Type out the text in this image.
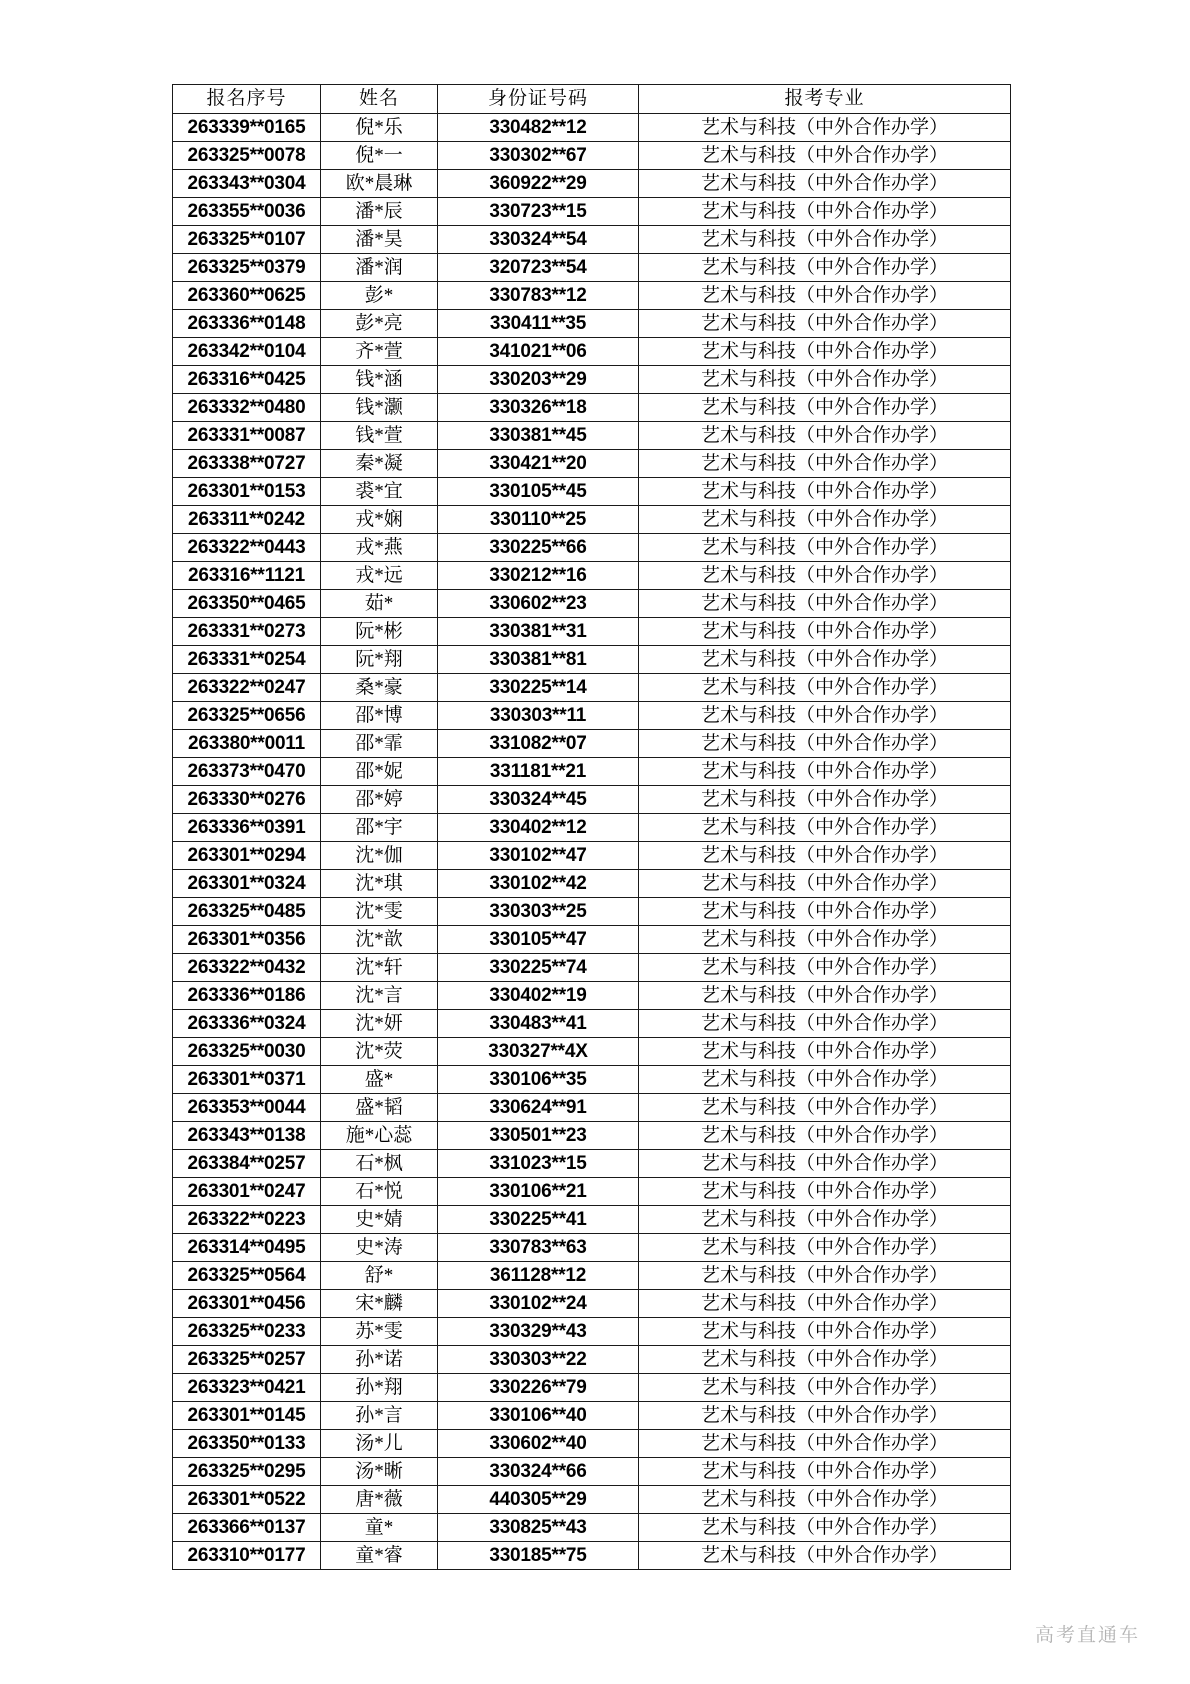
报名序号	姓名	身份证号码	报考专业
263339**0165	倪*乐	330482**12	艺术与科技（中外合作办学）
263325**0078	倪*一	330302**67	艺术与科技（中外合作办学）
263343**0304	欧*晨琳	360922**29	艺术与科技（中外合作办学）
263355**0036	潘*辰	330723**15	艺术与科技（中外合作办学）
263325**0107	潘*昊	330324**54	艺术与科技（中外合作办学）
263325**0379	潘*润	320723**54	艺术与科技（中外合作办学）
263360**0625	彭*	330783**12	艺术与科技（中外合作办学）
263336**0148	彭*亮	330411**35	艺术与科技（中外合作办学）
263342**0104	齐*萱	341021**06	艺术与科技（中外合作办学）
263316**0425	钱*涵	330203**29	艺术与科技（中外合作办学）
263332**0480	钱*灏	330326**18	艺术与科技（中外合作办学）
263331**0087	钱*萱	330381**45	艺术与科技（中外合作办学）
263338**0727	秦*凝	330421**20	艺术与科技（中外合作办学）
263301**0153	裘*宜	330105**45	艺术与科技（中外合作办学）
263311**0242	戎*娴	330110**25	艺术与科技（中外合作办学）
263322**0443	戎*燕	330225**66	艺术与科技（中外合作办学）
263316**1121	戎*远	330212**16	艺术与科技（中外合作办学）
263350**0465	茹*	330602**23	艺术与科技（中外合作办学）
263331**0273	阮*彬	330381**31	艺术与科技（中外合作办学）
263331**0254	阮*翔	330381**81	艺术与科技（中外合作办学）
263322**0247	桑*豪	330225**14	艺术与科技（中外合作办学）
263325**0656	邵*博	330303**11	艺术与科技（中外合作办学）
263380**0011	邵*霏	331082**07	艺术与科技（中外合作办学）
263373**0470	邵*妮	331181**21	艺术与科技（中外合作办学）
263330**0276	邵*婷	330324**45	艺术与科技（中外合作办学）
263336**0391	邵*宇	330402**12	艺术与科技（中外合作办学）
263301**0294	沈*伽	330102**47	艺术与科技（中外合作办学）
263301**0324	沈*琪	330102**42	艺术与科技（中外合作办学）
263325**0485	沈*雯	330303**25	艺术与科技（中外合作办学）
263301**0356	沈*歆	330105**47	艺术与科技（中外合作办学）
263322**0432	沈*轩	330225**74	艺术与科技（中外合作办学）
263336**0186	沈*言	330402**19	艺术与科技（中外合作办学）
263336**0324	沈*妍	330483**41	艺术与科技（中外合作办学）
263325**0030	沈*荧	330327**4X	艺术与科技（中外合作办学）
263301**0371	盛*	330106**35	艺术与科技（中外合作办学）
263353**0044	盛*韬	330624**91	艺术与科技（中外合作办学）
263343**0138	施*心蕊	330501**23	艺术与科技（中外合作办学）
263384**0257	石*枫	331023**15	艺术与科技（中外合作办学）
263301**0247	石*悦	330106**21	艺术与科技（中外合作办学）
263322**0223	史*婧	330225**41	艺术与科技（中外合作办学）
263314**0495	史*涛	330783**63	艺术与科技（中外合作办学）
263325**0564	舒*	361128**12	艺术与科技（中外合作办学）
263301**0456	宋*麟	330102**24	艺术与科技（中外合作办学）
263325**0233	苏*雯	330329**43	艺术与科技（中外合作办学）
263325**0257	孙*诺	330303**22	艺术与科技（中外合作办学）
263323**0421	孙*翔	330226**79	艺术与科技（中外合作办学）
263301**0145	孙*言	330106**40	艺术与科技（中外合作办学）
263350**0133	汤*儿	330602**40	艺术与科技（中外合作办学）
263325**0295	汤*晰	330324**66	艺术与科技（中外合作办学）
263301**0522	唐*薇	440305**29	艺术与科技（中外合作办学）
263366**0137	童*	330825**43	艺术与科技（中外合作办学）
263310**0177	童*睿	330185**75	艺术与科技（中外合作办学）
高考直通车
